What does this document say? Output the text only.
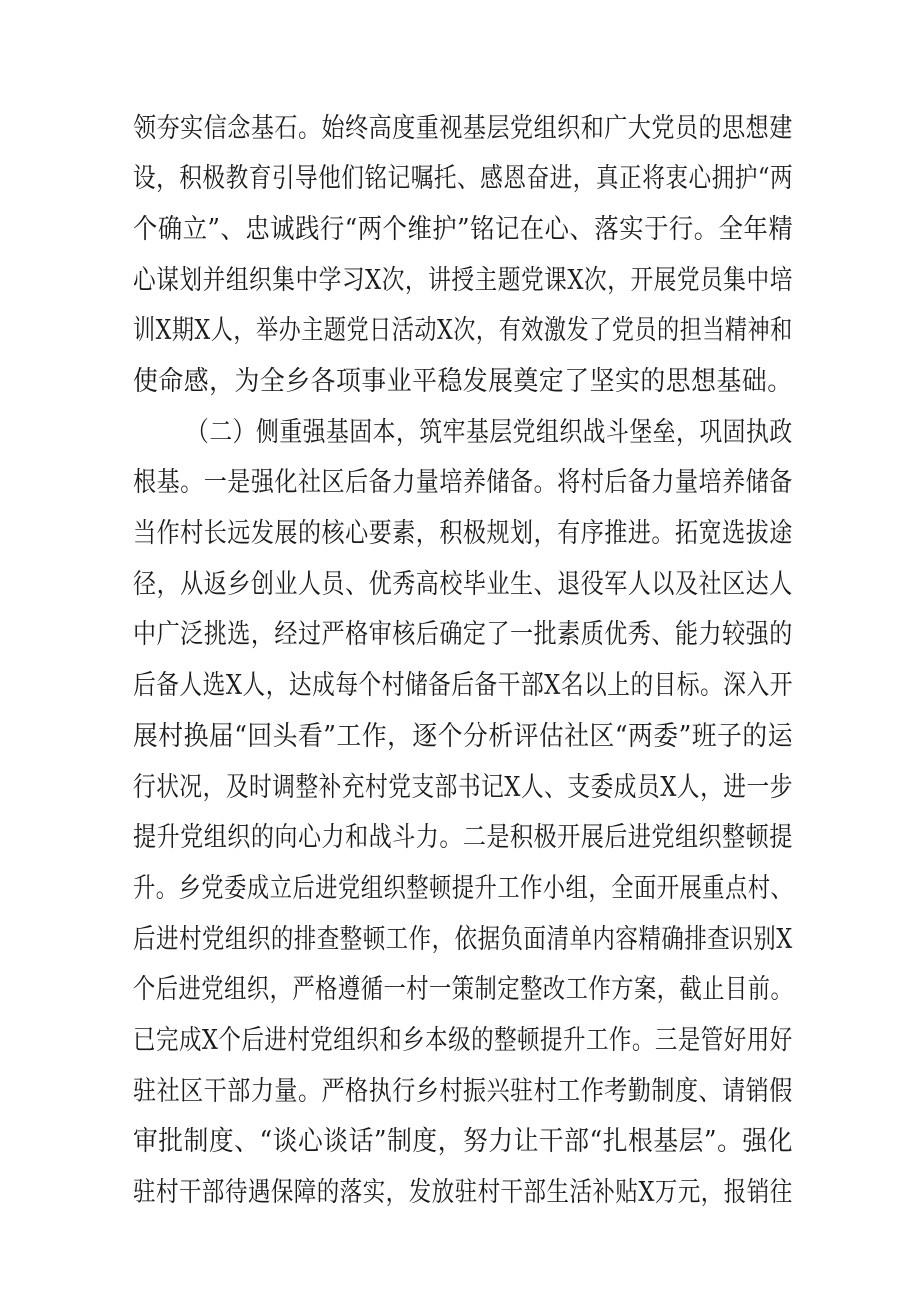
领夯实信念基石。始终高度重视基层党组织和广大党员的思想建
设，积极教育引导他们铭记嘱托、感恩奋进，真正将衷心拥护“两
个确立”、忠诚践行“两个维护”铭记在心、落实于行。全年精
心谋划并组织集中学习X次，讲授主题党课X次，开展党员集中培
训X期X人，举办主题党日活动X次，有效激发了党员的担当精神和
使命感，为全乡各项事业平稳发展奠定了坚实的思想基础。
（二）侧重强基固本，筑牢基层党组织战斗堡垒，巩固执政
根基。一是强化社区后备力量培养储备。将村后备力量培养储备
当作村长远发展的核心要素，积极规划，有序推进。拓宽选拔途
径，从返乡创业人员、优秀高校毕业生、退役军人以及社区达人
中广泛挑选，经过严格审核后确定了一批素质优秀、能力较强的
后备人选X人，达成每个村储备后备干部X名以上的目标。深入开
展村换届“回头看”工作，逐个分析评估社区“两委”班子的运
行状况，及时调整补充村党支部书记X人、支委成员X人，进一步
提升党组织的向心力和战斗力。二是积极开展后进党组织整顿提
升。乡党委成立后进党组织整顿提升工作小组，全面开展重点村、
后进村党组织的排查整顿工作，依据负面清单内容精确排查识别X
个后进党组织，严格遵循一村一策制定整改工作方案，截止目前。
已完成X个后进村党组织和乡本级的整顿提升工作。三是管好用好
驻社区干部力量。严格执行乡村振兴驻村工作考勤制度、请销假
审批制度、“谈心谈话”制度，努力让干部“扎根基层”。强化
驻村干部待遇保障的落实，发放驻村干部生活补贴X万元，报销往
